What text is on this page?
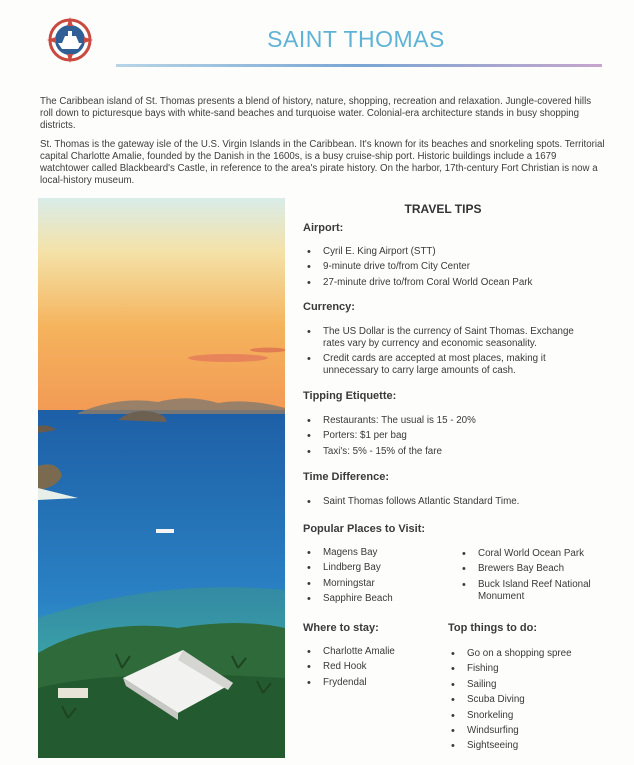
SAINT THOMAS

The Caribbean island of St. Thomas presents a blend of history, nature, shopping, recreation and relaxation. Jungle-covered hills roll down to picturesque bays with white-sand beaches and turquoise water. Colonial-era architecture stands in busy shopping districts.

St. Thomas is the gateway isle of the U.S. Virgin Islands in the Caribbean. It's known for its beaches and snorkeling spots. Territorial capital Charlotte Amalie, founded by the Danish in the 1600s, is a busy cruise-ship port. Historic buildings include a 1679 watchtower called Blackbeard's Castle, in reference to the area's pirate history. On the harbor, 17th-century Fort Christian is now a local-history museum.

TRAVEL TIPS
Airport:
• Cyril E. King Airport (STT)
• 9-minute drive to/from City Center
• 27-minute drive to/from Coral World Ocean Park
Currency:
• The US Dollar is the currency of Saint Thomas. Exchange rates vary by currency and economic seasonality.
• Credit cards are accepted at most places, making it unnecessary to carry large amounts of cash.
Tipping Etiquette:
• Restaurants: The usual is 15 - 20%
• Porters: $1 per bag
• Taxi's: 5% - 15% of the fare
Time Difference:
• Saint Thomas follows Atlantic Standard Time.
Popular Places to Visit:
• Magens Bay
• Lindberg Bay
• Morningstar
• Sapphire Beach
• Coral World Ocean Park
• Brewers Bay Beach
• Buck Island Reef National Monument
Where to stay:
• Charlotte Amalie
• Red Hook
• Frydendal
Top things to do:
• Go on a shopping spree
• Fishing
• Sailing
• Scuba Diving
• Snorkeling
• Windsurfing
• Sightseeing
